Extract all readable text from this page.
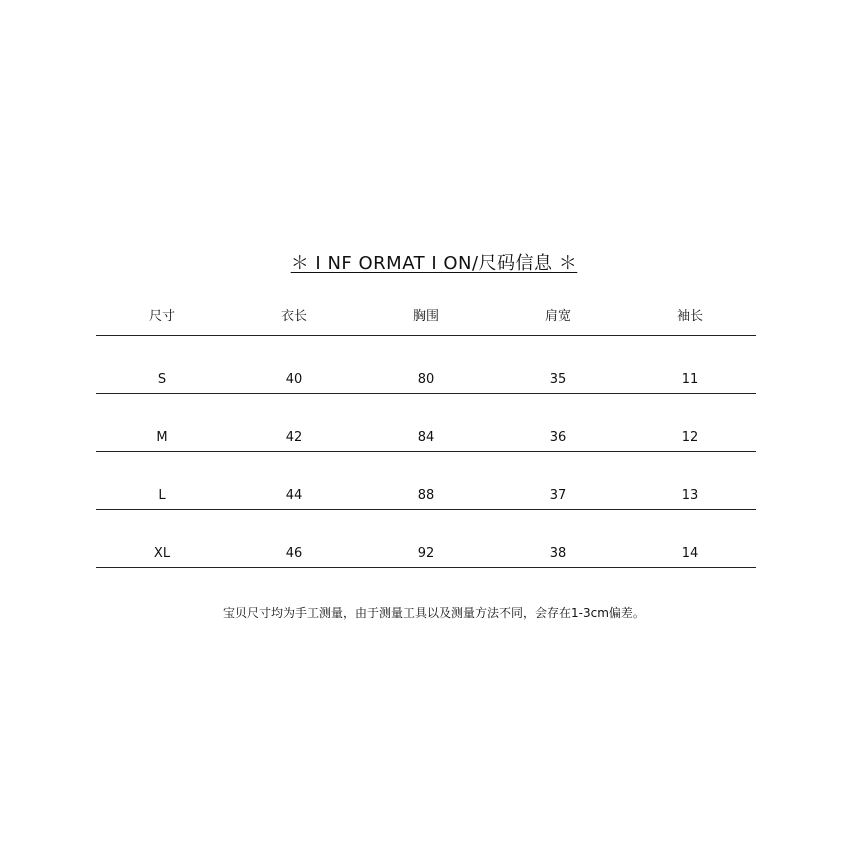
＊ I NF ORMAT I ON/尺码信息 ＊
尺寸	衣长	胸围	肩宽	袖长
S	40	80	35	11
M	42	84	36	12
L	44	88	37	13
XL	46	92	38	14
宝贝尺寸均为手工测量，由于测量工具以及测量方法不同，会存在1-3cm偏差。
